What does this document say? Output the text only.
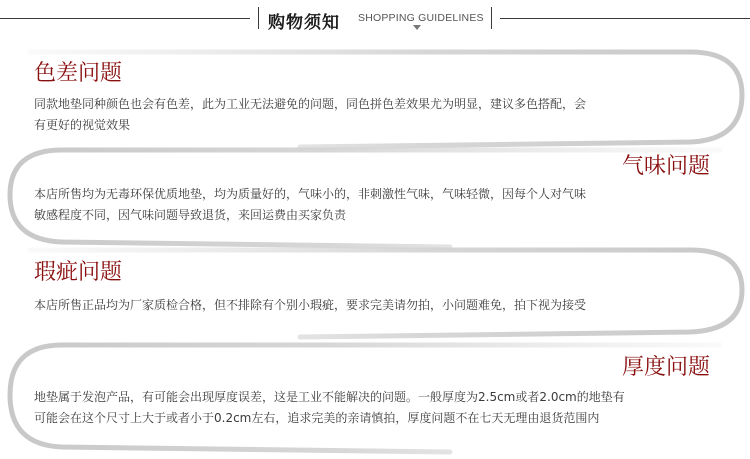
购物须知 SHOPPING GUIDELINES
色差问题
同款地垫同种颜色也会有色差，此为工业无法避免的问题，同色拼色差效果尤为明显，建议多色搭配，会
有更好的视觉效果
气味问题
本店所售均为无毒环保优质地垫，均为质量好的，气味小的，非刺激性气味，气味轻微，因每个人对气味
敏感程度不同，因气味问题导致退货，来回运费由买家负责
瑕疵问题
本店所售正品均为厂家质检合格，但不排除有个别小瑕疵，要求完美请勿拍，小问题难免，拍下视为接受
厚度问题
地垫属于发泡产品，有可能会出现厚度误差，这是工业不能解决的问题。一般厚度为2.5cm或者2.0cm的地垫有
可能会在这个尺寸上大于或者小于0.2cm左右，追求完美的亲请慎拍，厚度问题不在七天无理由退货范围内
